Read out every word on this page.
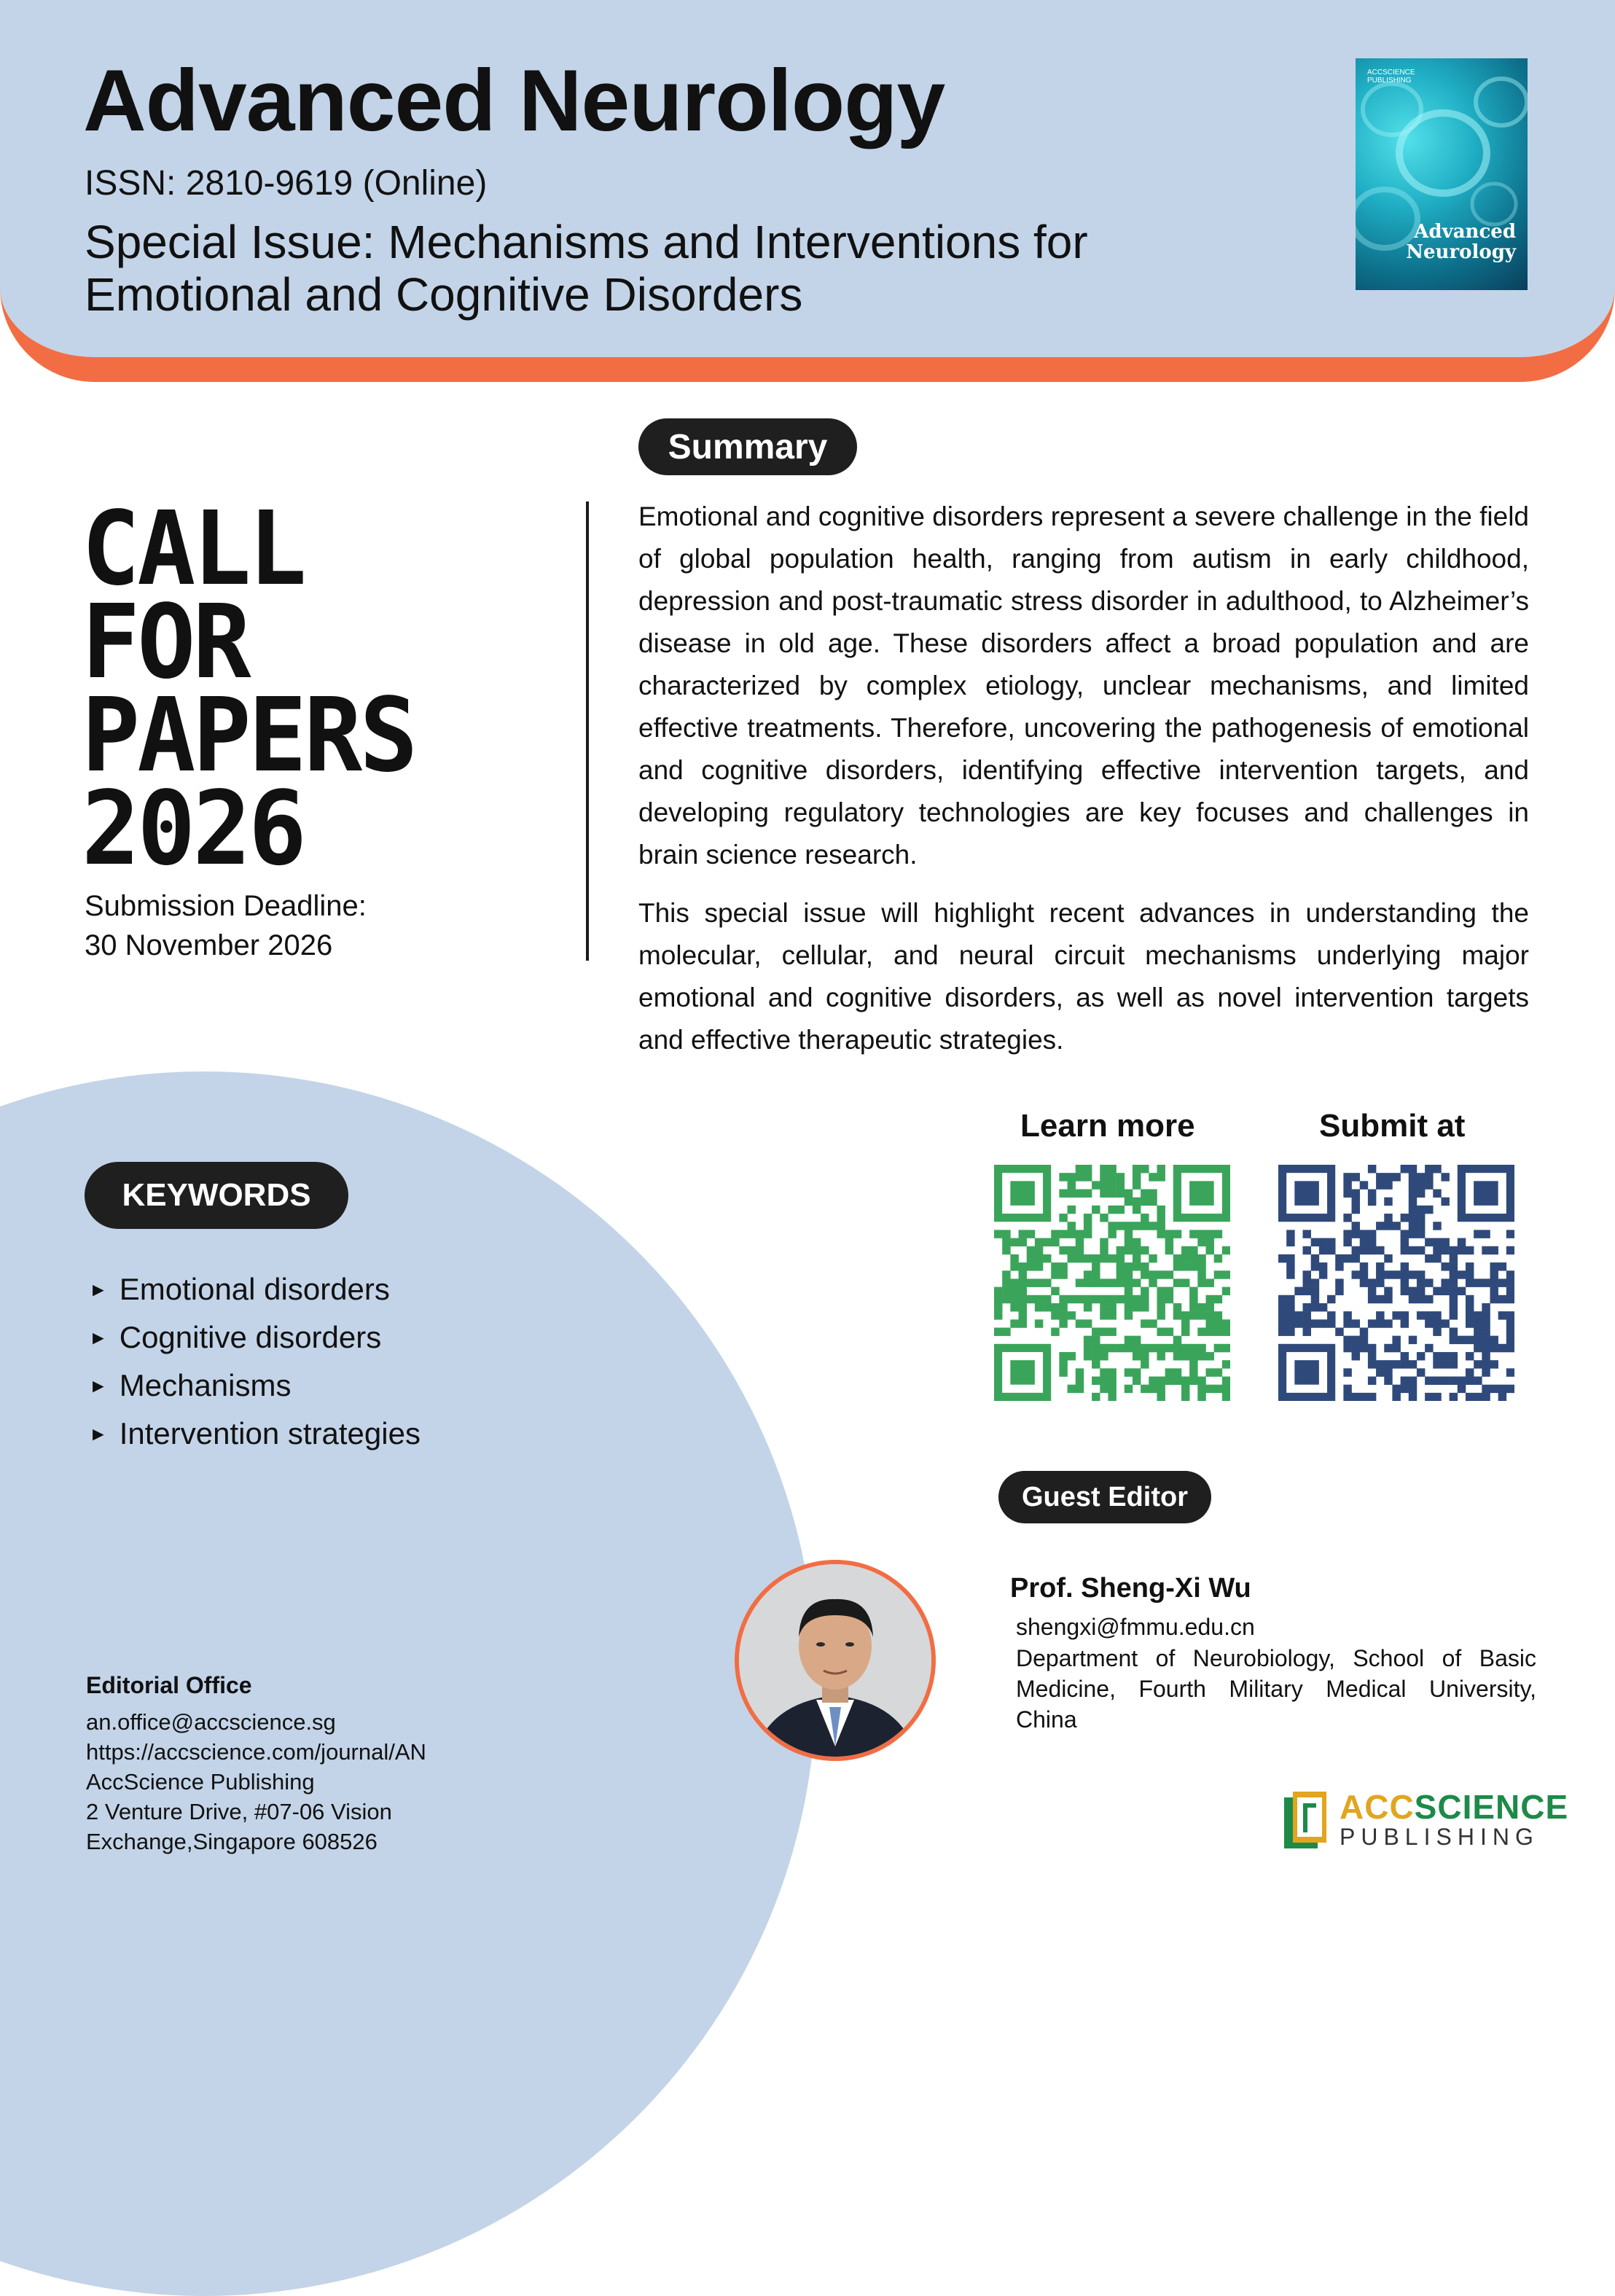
Advanced Neurology
ISSN: 2810-9619 (Online)
Special Issue: Mechanisms and Interventions for Emotional and Cognitive Disorders
ACCSCIENCE
PUBLISHING
Advanced
Neurology
CALL
FOR
PAPERS
2026
Submission Deadline:
30 November 2026
Summary

Emotional and cognitive disorders represent a severe challenge in the field of global population health, ranging from autism in early childhood, depression and post-traumatic stress disorder in adulthood, to Alzheimer’s disease in old age. These disorders affect a broad population and are characterized by complex etiology, unclear mechanisms, and limited effective treatments. Therefore, uncovering the pathogenesis of emotional and cognitive disorders, identifying effective intervention targets, and developing regulatory technologies are key focuses and challenges in brain science research.

This special issue will highlight recent advances in understanding the molecular, cellular, and neural circuit mechanisms underlying major emotional and cognitive disorders, as well as novel intervention targets and effective therapeutic strategies.

Learn more	Submit at
KEYWORDS
► Emotional disorders
► Cognitive disorders
► Mechanisms
► Intervention strategies
Guest Editor
Prof. Sheng-Xi Wu
shengxi@fmmu.edu.cn
Department of Neurobiology, School of Basic Medicine, Fourth Military Medical University, China
Editorial Office
an.office@accscience.sg
https://accscience.com/journal/AN
AccScience Publishing
2 Venture Drive, #07-06 Vision
Exchange,Singapore 608526
ACCSCIENCE
PUBLISHING
